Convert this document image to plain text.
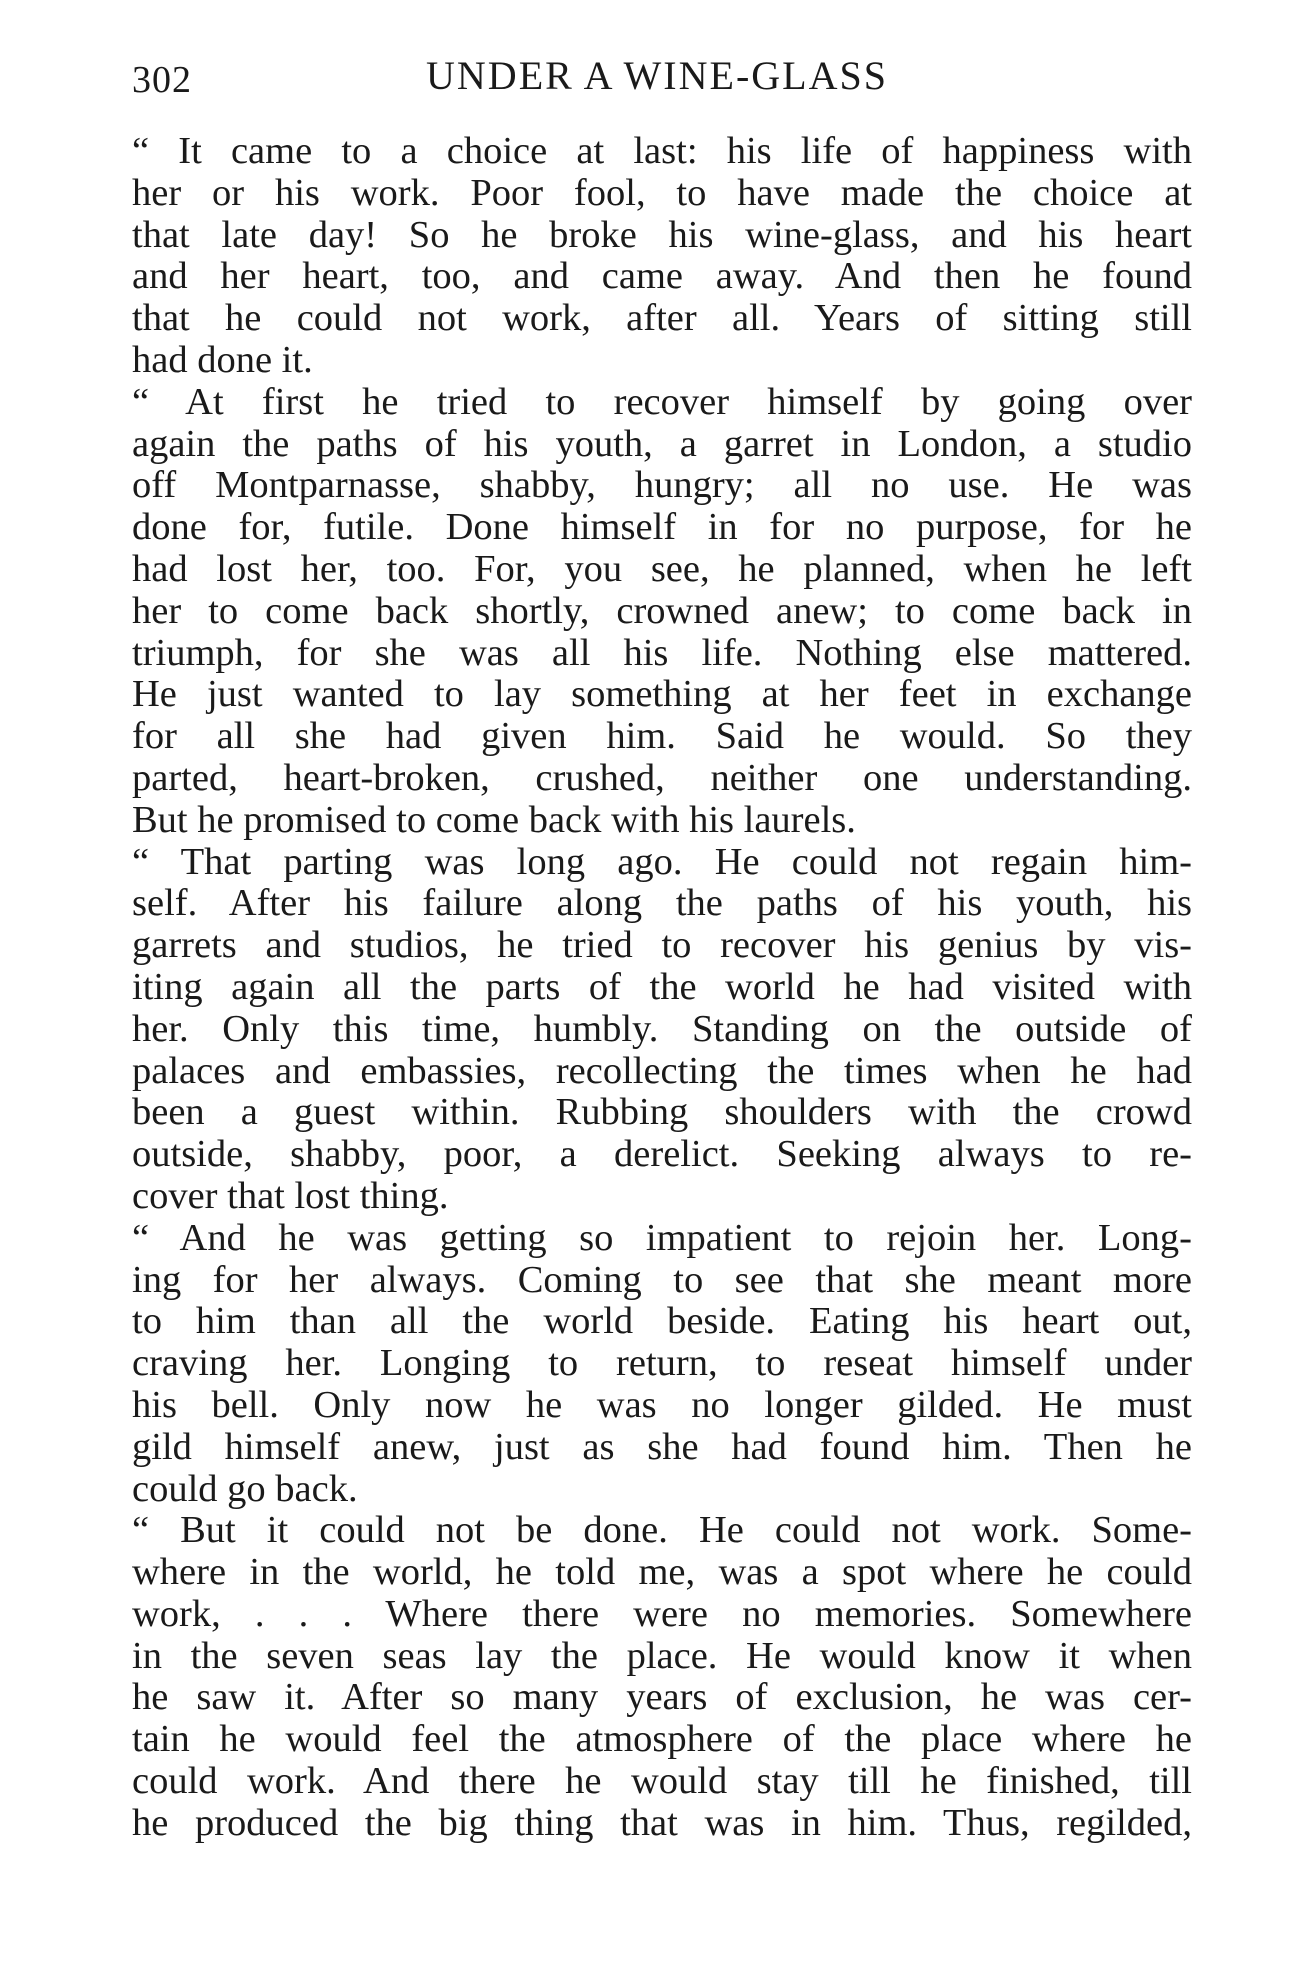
302	UNDER A WINE-GLASS
“ It came to a choice at last: his life of happiness with
her or his work. Poor fool, to have made the choice at
that late day! So he broke his wine-glass, and his heart
and her heart, too, and came away. And then he found
that he could not work, after all. Years of sitting still
had done it.
“ At first he tried to recover himself by going over
again the paths of his youth, a garret in London, a studio
off Montparnasse, shabby, hungry; all no use. He was
done for, futile. Done himself in for no purpose, for he
had lost her, too. For, you see, he planned, when he left
her to come back shortly, crowned anew; to come back in
triumph, for she was all his life. Nothing else mattered.
He just wanted to lay something at her feet in exchange
for all she had given him. Said he would. So they
parted, heart-broken, crushed, neither one understanding.
But he promised to come back with his laurels.
“ That parting was long ago. He could not regain him-
self. After his failure along the paths of his youth, his
garrets and studios, he tried to recover his genius by vis-
iting again all the parts of the world he had visited with
her. Only this time, humbly. Standing on the outside of
palaces and embassies, recollecting the times when he had
been a guest within. Rubbing shoulders with the crowd
outside, shabby, poor, a derelict. Seeking always to re-
cover that lost thing.
“ And he was getting so impatient to rejoin her. Long-
ing for her always. Coming to see that she meant more
to him than all the world beside. Eating his heart out,
craving her. Longing to return, to reseat himself under
his bell. Only now he was no longer gilded. He must
gild himself anew, just as she had found him. Then he
could go back.
“ But it could not be done. He could not work. Some-
where in the world, he told me, was a spot where he could
work, . . . Where there were no memories. Somewhere
in the seven seas lay the place. He would know it when
he saw it. After so many years of exclusion, he was cer-
tain he would feel the atmosphere of the place where he
could work. And there he would stay till he finished, till
he produced the big thing that was in him. Thus, regilded,
